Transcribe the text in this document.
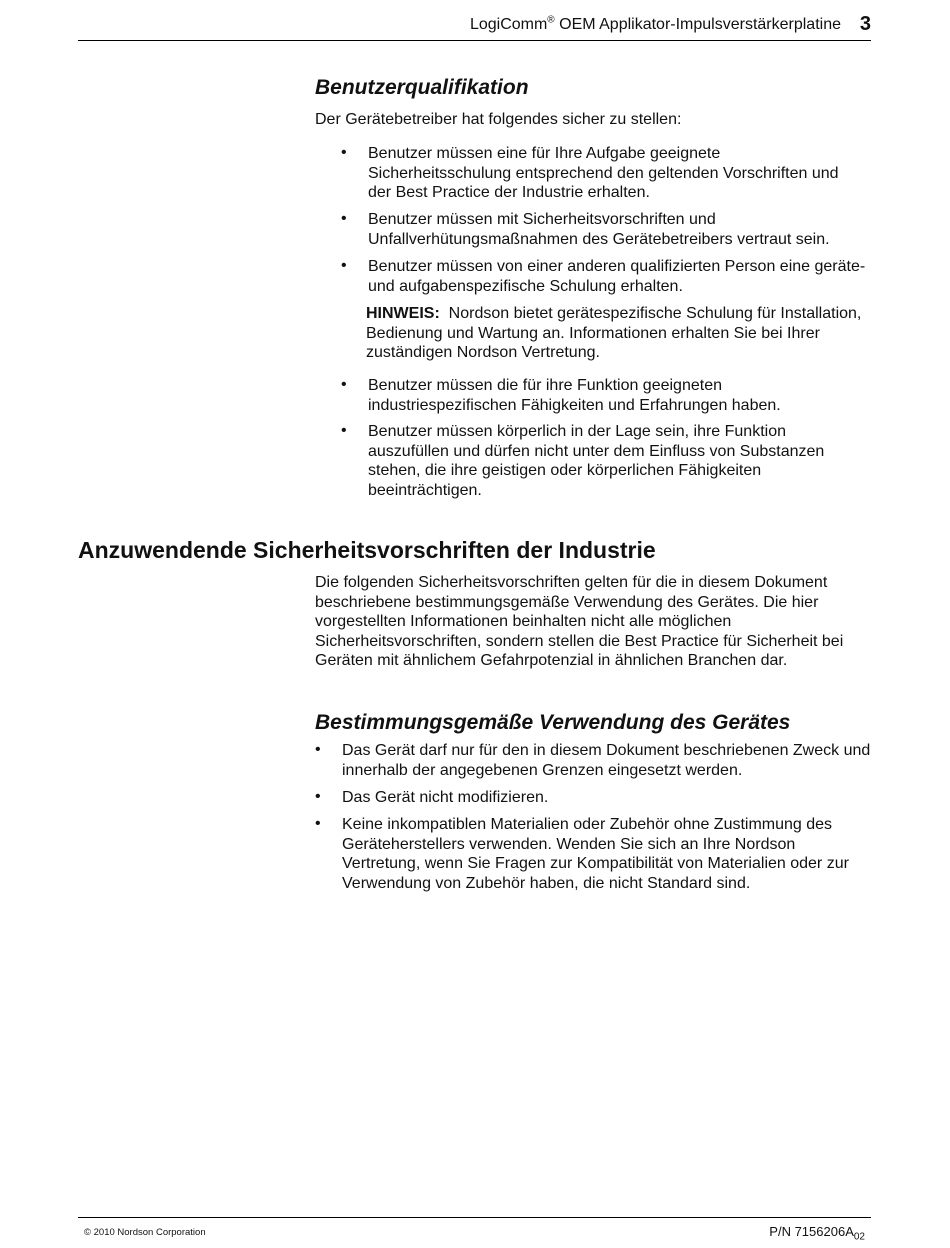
LogiComm® OEM Applikator-Impulsverstärkerplatine 3
Benutzerqualifikation
Der Gerätebetreiber hat folgendes sicher zu stellen:
• Benutzer müssen eine für Ihre Aufgabe geeignete Sicherheitsschulung entsprechend den geltenden Vorschriften und der Best Practice der Industrie erhalten.
• Benutzer müssen mit Sicherheitsvorschriften und Unfallverhütungsmaßnahmen des Gerätebetreibers vertraut sein.
• Benutzer müssen von einer anderen qualifizierten Person eine geräte- und aufgabenspezifische Schulung erhalten.
HINWEIS: Nordson bietet gerätespezifische Schulung für Installation, Bedienung und Wartung an. Informationen erhalten Sie bei Ihrer zuständigen Nordson Vertretung.
• Benutzer müssen die für ihre Funktion geeigneten industriespezifischen Fähigkeiten und Erfahrungen haben.
• Benutzer müssen körperlich in der Lage sein, ihre Funktion auszufüllen und dürfen nicht unter dem Einfluss von Substanzen stehen, die ihre geistigen oder körperlichen Fähigkeiten beeinträchtigen.
Anzuwendende Sicherheitsvorschriften der Industrie
Die folgenden Sicherheitsvorschriften gelten für die in diesem Dokument beschriebene bestimmungsgemäße Verwendung des Gerätes. Die hier vorgestellten Informationen beinhalten nicht alle möglichen Sicherheitsvorschriften, sondern stellen die Best Practice für Sicherheit bei Geräten mit ähnlichem Gefahrpotenzial in ähnlichen Branchen dar.
Bestimmungsgemäße Verwendung des Gerätes
• Das Gerät darf nur für den in diesem Dokument beschriebenen Zweck und innerhalb der angegebenen Grenzen eingesetzt werden.
• Das Gerät nicht modifizieren.
• Keine inkompatiblen Materialien oder Zubehör ohne Zustimmung des Geräteherstellers verwenden. Wenden Sie sich an Ihre Nordson Vertretung, wenn Sie Fragen zur Kompatibilität von Materialien oder zur Verwendung von Zubehör haben, die nicht Standard sind.
© 2010 Nordson Corporation	P/N $7156206A_{02}$
